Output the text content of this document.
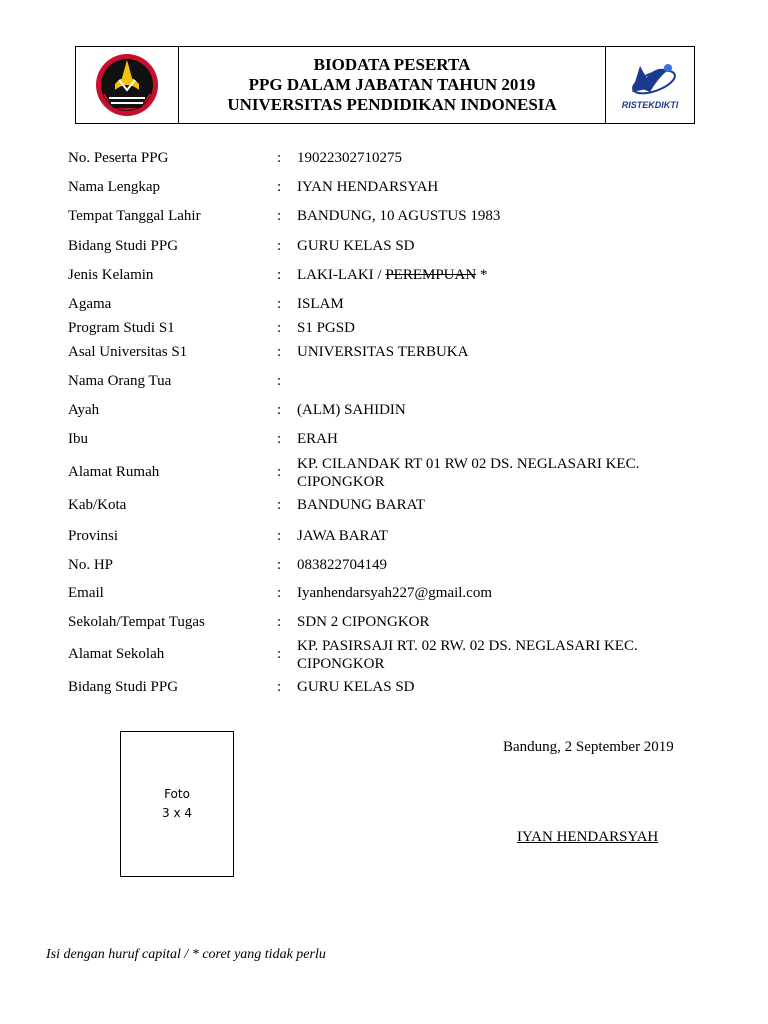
BIODATA PESERTA
PPG DALAM JABATAN TAHUN 2019
UNIVERSITAS PENDIDIKAN INDONESIA	RISTEKDIKTI
No. Peserta PPG	: 19022302710275
Nama Lengkap	: IYAN HENDARSYAH
Tempat Tanggal Lahir	: BANDUNG, 10 AGUSTUS 1983
Bidang Studi PPG	: GURU KELAS SD
Jenis Kelamin	: LAKI-LAKI / PEREMPUAN *
Agama	: ISLAM
Program Studi S1	: S1 PGSD
Asal Universitas S1	: UNIVERSITAS TERBUKA
Nama Orang Tua	:
Ayah	: (ALM) SAHIDIN
Ibu	: ERAH
Alamat Rumah	: KP. CILANDAK RT 01 RW 02 DS. NEGLASARI KEC.
CIPONGKOR
Kab/Kota	: BANDUNG BARAT
Provinsi	: JAWA BARAT
No. HP	: 083822704149
Email	: Iyanhendarsyah227@gmail.com
Sekolah/Tempat Tugas	: SDN 2 CIPONGKOR
Alamat Sekolah	: KP. PASIRSAJI RT. 02 RW. 02 DS. NEGLASARI KEC.
CIPONGKOR
Bidang Studi PPG	: GURU KELAS SD
Foto
3 x 4
Bandung, 2 September 2019
IYAN HENDARSYAH
Isi dengan huruf capital / * coret yang tidak perlu
